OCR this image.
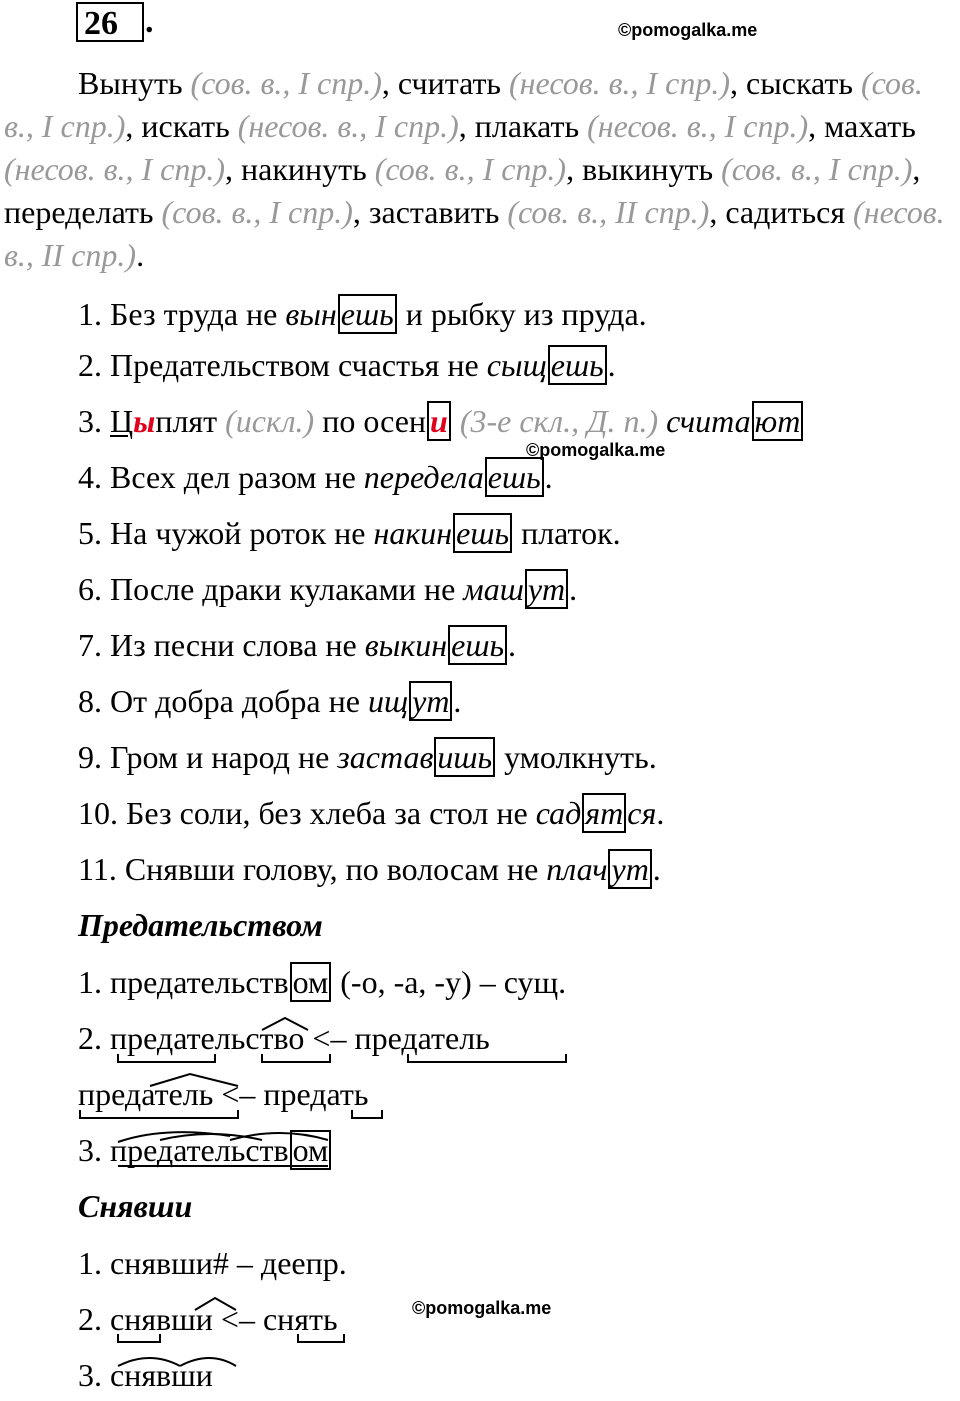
26 .	©pomogalka.me
Вынуть (сов. в., I спр.), считать (несов. в., I спр.), сыскать (сов. в., I спр.), искать (несов. в., I спр.), плакать (несов. в., I спр.), махать (несов. в., I спр.), накинуть (сов. в., I спр.), выкинуть (сов. в., I спр.), переделать (сов. в., I спр.), заставить (сов. в., II спр.), садиться (несов. в., II спр.).
1. Без труда не вын ешь и рыбку из пруда.
2. Предательством счастья не сыщ ешь .
3. Цыплят (искл.) по осен и (3-е скл., Д. п.) счита ют
©pomogalka.me
4. Всех дел разом не передела ешь .
5. На чужой роток не накин ешь платок.
6. После драки кулаками не маш ут .
7. Из песни слова не выкин ешь .
8. От добра добра не ищ ут .
9. Гром и народ не застав ишь умолкнуть.
10. Без соли, без хлеба за стол не сад ят ся.
11. Снявши голову, по волосам не плач ут .
Предательством
1. предательств ом (-о, -а, -у) – сущ.
2. предательство <– предатель
предатель <– предать
3. предательств ом
Снявши
1. снявши# – деепр.
2. снявши <– снять	©pomogalka.me
3. снявши
